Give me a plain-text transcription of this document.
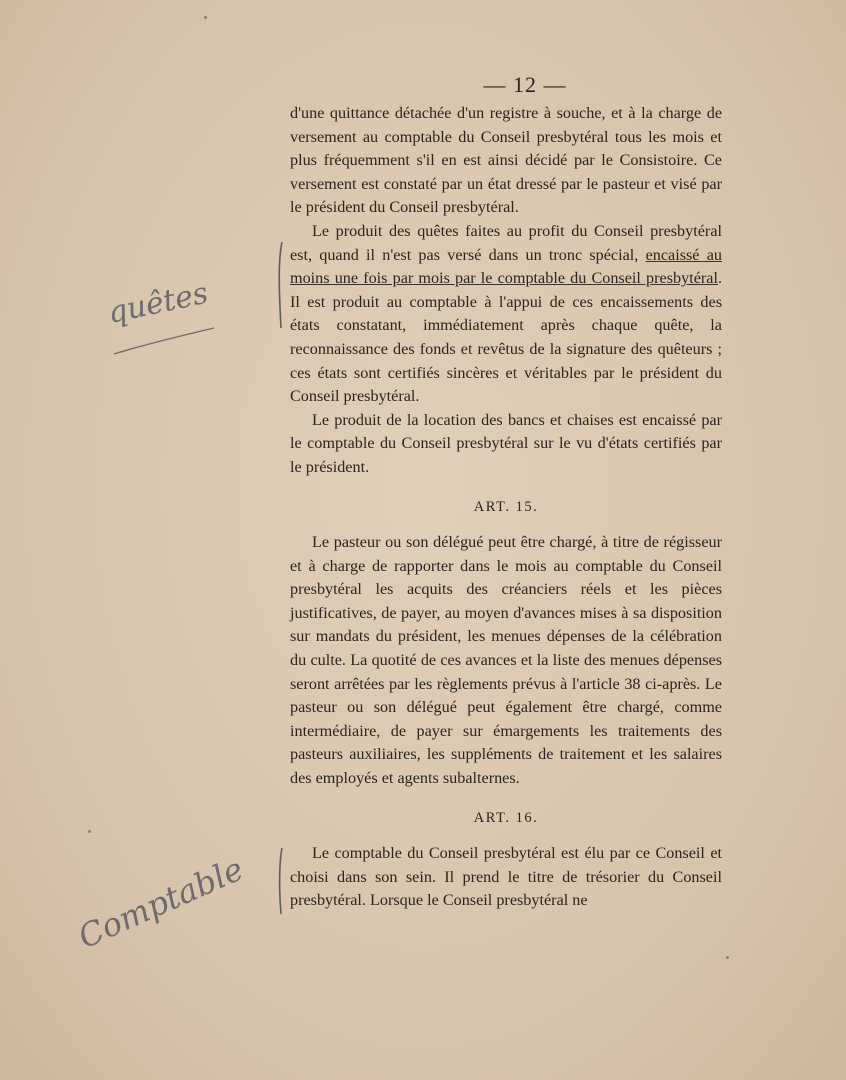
— 12 —

d'une quittance détachée d'un registre à souche, et à la charge de versement au comptable du Conseil presbytéral tous les mois et plus fréquemment s'il en est ainsi décidé par le Consistoire. Ce versement est constaté par un état dressé par le pasteur et visé par le président du Conseil presbytéral.

Le produit des quêtes faites au profit du Conseil presbytéral est, quand il n'est pas versé dans un tronc spécial, encaissé au moins une fois par mois par le comptable du Conseil presbytéral. Il est produit au comptable à l'appui de ces encaissements des états constatant, immédiatement après chaque quête, la reconnaissance des fonds et revêtus de la signature des quêteurs ; ces états sont certifiés sincères et véritables par le président du Conseil presbytéral.

Le produit de la location des bancs et chaises est encaissé par le comptable du Conseil presbytéral sur le vu d'états certifiés par le président.

ART. 15.

Le pasteur ou son délégué peut être chargé, à titre de régisseur et à charge de rapporter dans le mois au comptable du Conseil presbytéral les acquits des créanciers réels et les pièces justificatives, de payer, au moyen d'avances mises à sa disposition sur mandats du président, les menues dépenses de la célébration du culte. La quotité de ces avances et la liste des menues dépenses seront arrêtées par les règlements prévus à l'article 38 ci-après. Le pasteur ou son délégué peut également être chargé, comme intermédiaire, de payer sur émargements les traitements des pasteurs auxiliaires, les suppléments de traitement et les salaires des employés et agents subalternes.

ART. 16.

Le comptable du Conseil presbytéral est élu par ce Conseil et choisi dans son sein. Il prend le titre de trésorier du Conseil presbytéral. Lorsque le Conseil presbytéral ne

quêtes
Comptable
